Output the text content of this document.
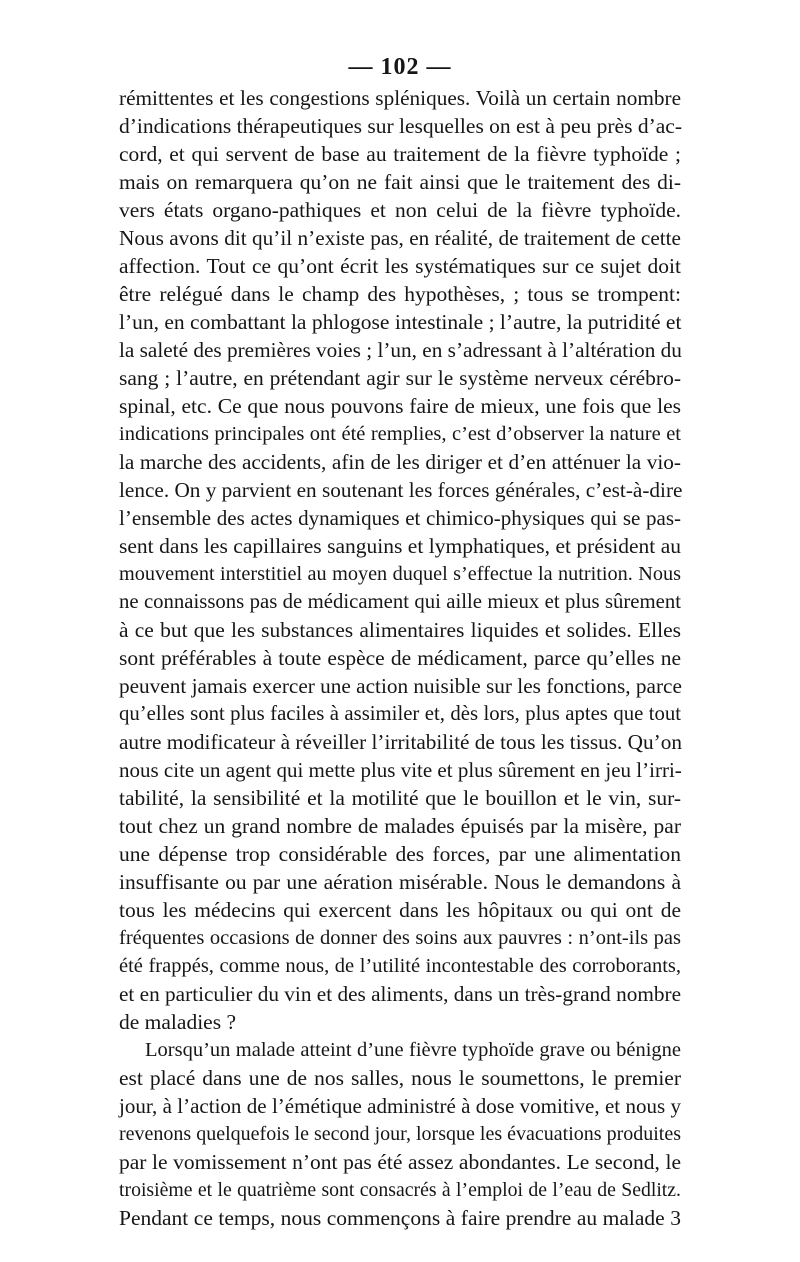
— 102 —
rémittentes et les congestions spléniques. Voilà un certain nombre
d’indications thérapeutiques sur lesquelles on est à peu près d’ac-
cord, et qui servent de base au traitement de la fièvre typhoïde ;
mais on remarquera qu’on ne fait ainsi que le traitement des di-
vers états organo-pathiques et non celui de la fièvre typhoïde.
Nous avons dit qu’il n’existe pas, en réalité, de traitement de cette
affection. Tout ce qu’ont écrit les systématiques sur ce sujet doit
être relégué dans le champ des hypothèses, ; tous se trompent:
l’un, en combattant la phlogose intestinale ; l’autre, la putridité et
la saleté des premières voies ; l’un, en s’adressant à l’altération du
sang ; l’autre, en prétendant agir sur le système nerveux cérébro-
spinal, etc. Ce que nous pouvons faire de mieux, une fois que les
indications principales ont été remplies, c’est d’observer la nature et
la marche des accidents, afin de les diriger et d’en atténuer la vio-
lence. On y parvient en soutenant les forces générales, c’est-à-dire
l’ensemble des actes dynamiques et chimico-physiques qui se pas-
sent dans les capillaires sanguins et lymphatiques, et président au
mouvement interstitiel au moyen duquel s’effectue la nutrition. Nous
ne connaissons pas de médicament qui aille mieux et plus sûrement
à ce but que les substances alimentaires liquides et solides. Elles
sont préférables à toute espèce de médicament, parce qu’elles ne
peuvent jamais exercer une action nuisible sur les fonctions, parce
qu’elles sont plus faciles à assimiler et, dès lors, plus aptes que tout
autre modificateur à réveiller l’irritabilité de tous les tissus. Qu’on
nous cite un agent qui mette plus vite et plus sûrement en jeu l’irri-
tabilité, la sensibilité et la motilité que le bouillon et le vin, sur-
tout chez un grand nombre de malades épuisés par la misère, par
une dépense trop considérable des forces, par une alimentation
insuffisante ou par une aération misérable. Nous le demandons à
tous les médecins qui exercent dans les hôpitaux ou qui ont de
fréquentes occasions de donner des soins aux pauvres : n’ont-ils pas
été frappés, comme nous, de l’utilité incontestable des corroborants,
et en particulier du vin et des aliments, dans un très-grand nombre
de maladies ?
Lorsqu’un malade atteint d’une fièvre typhoïde grave ou bénigne
est placé dans une de nos salles, nous le soumettons, le premier
jour, à l’action de l’émétique administré à dose vomitive, et nous y
revenons quelquefois le second jour, lorsque les évacuations produites
par le vomissement n’ont pas été assez abondantes. Le second, le
troisième et le quatrième sont consacrés à l’emploi de l’eau de Sedlitz.
Pendant ce temps, nous commençons à faire prendre au malade 3
